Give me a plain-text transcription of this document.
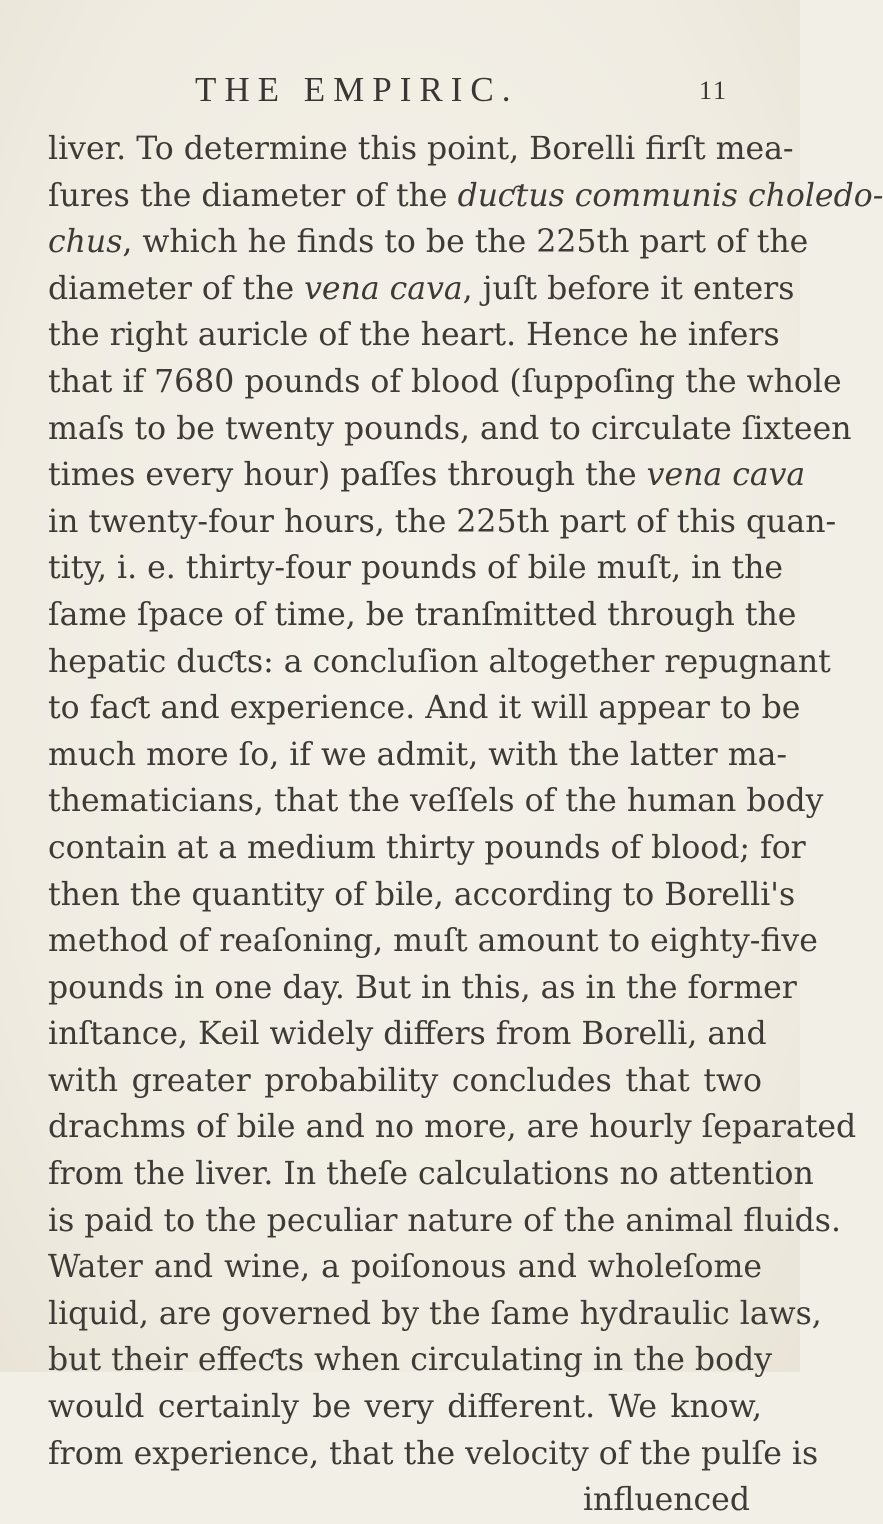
THE EMPIRIC.	11
liver. To determine this point, Borelli firſt mea-
ſures the diameter of the duƈtus communis choledo-
chus, which he finds to be the 225th part of the
diameter of the vena cava, juſt before it enters
the right auricle of the heart. Hence he infers
that if 7680 pounds of blood (ſuppoſing the whole
maſs to be twenty pounds, and to circulate ſixteen
times every hour) paſſes through the vena cava
in twenty-four hours, the 225th part of this quan-
tity, i. e. thirty-four pounds of bile muſt, in the
ſame ſpace of time, be tranſmitted through the
hepatic duƈts: a concluſion altogether repugnant
to faƈt and experience. And it will appear to be
much more ſo, if we admit, with the latter ma-
thematicians, that the veſſels of the human body
contain at a medium thirty pounds of blood; for
then the quantity of bile, according to Borelli's
method of reaſoning, muſt amount to eighty-five
pounds in one day. But in this, as in the former
inſtance, Keil widely differs from Borelli, and
with greater probability concludes that two
drachms of bile and no more, are hourly ſeparated
from the liver. In theſe calculations no attention
is paid to the peculiar nature of the animal fluids.
Water and wine, a poiſonous and wholeſome
liquid, are governed by the ſame hydraulic laws,
but their effeƈts when circulating in the body
would certainly be very different. We know,
from experience, that the velocity of the pulſe is
influenced
